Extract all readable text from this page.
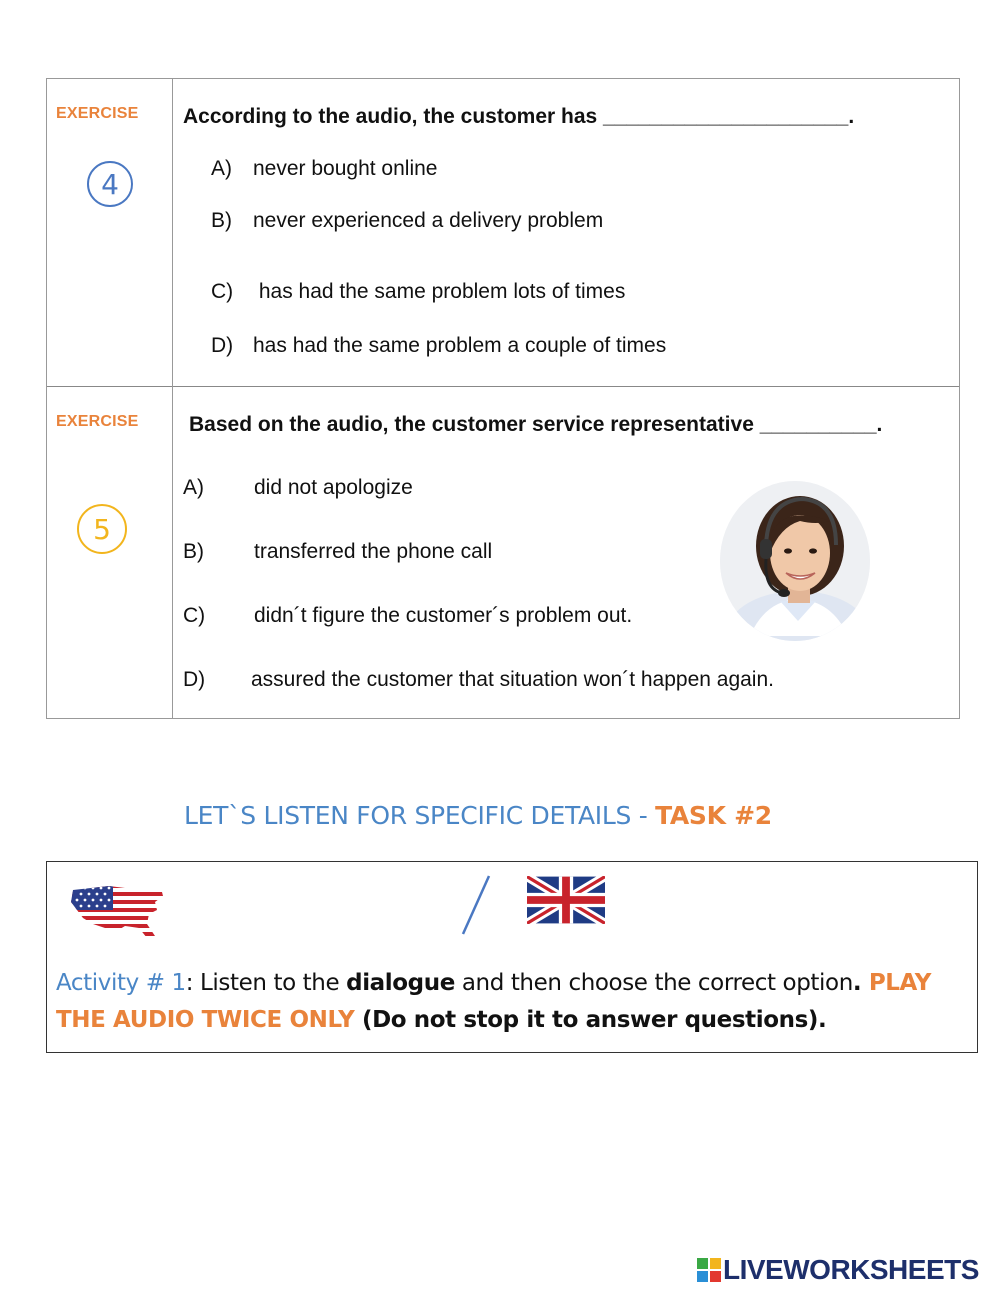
EXERCISE
4
According to the audio, the customer has _____________________.
A) never bought online
B) never experienced a delivery problem
C) has had the same problem lots of times
D) has had the same problem a couple of times
EXERCISE
5
Based on the audio, the customer service representative __________.
A) did not apologize
B) transferred the phone call
C) didn´t figure the customer´s problem out.
D) assured the customer that situation won´t happen again.
LET`S LISTEN FOR SPECIFIC DETAILS - TASK #2
Activity # 1: Listen to the dialogue and then choose the correct option. PLAY THE AUDIO TWICE ONLY (Do not stop it to answer questions).
LIVEWORKSHEETS
